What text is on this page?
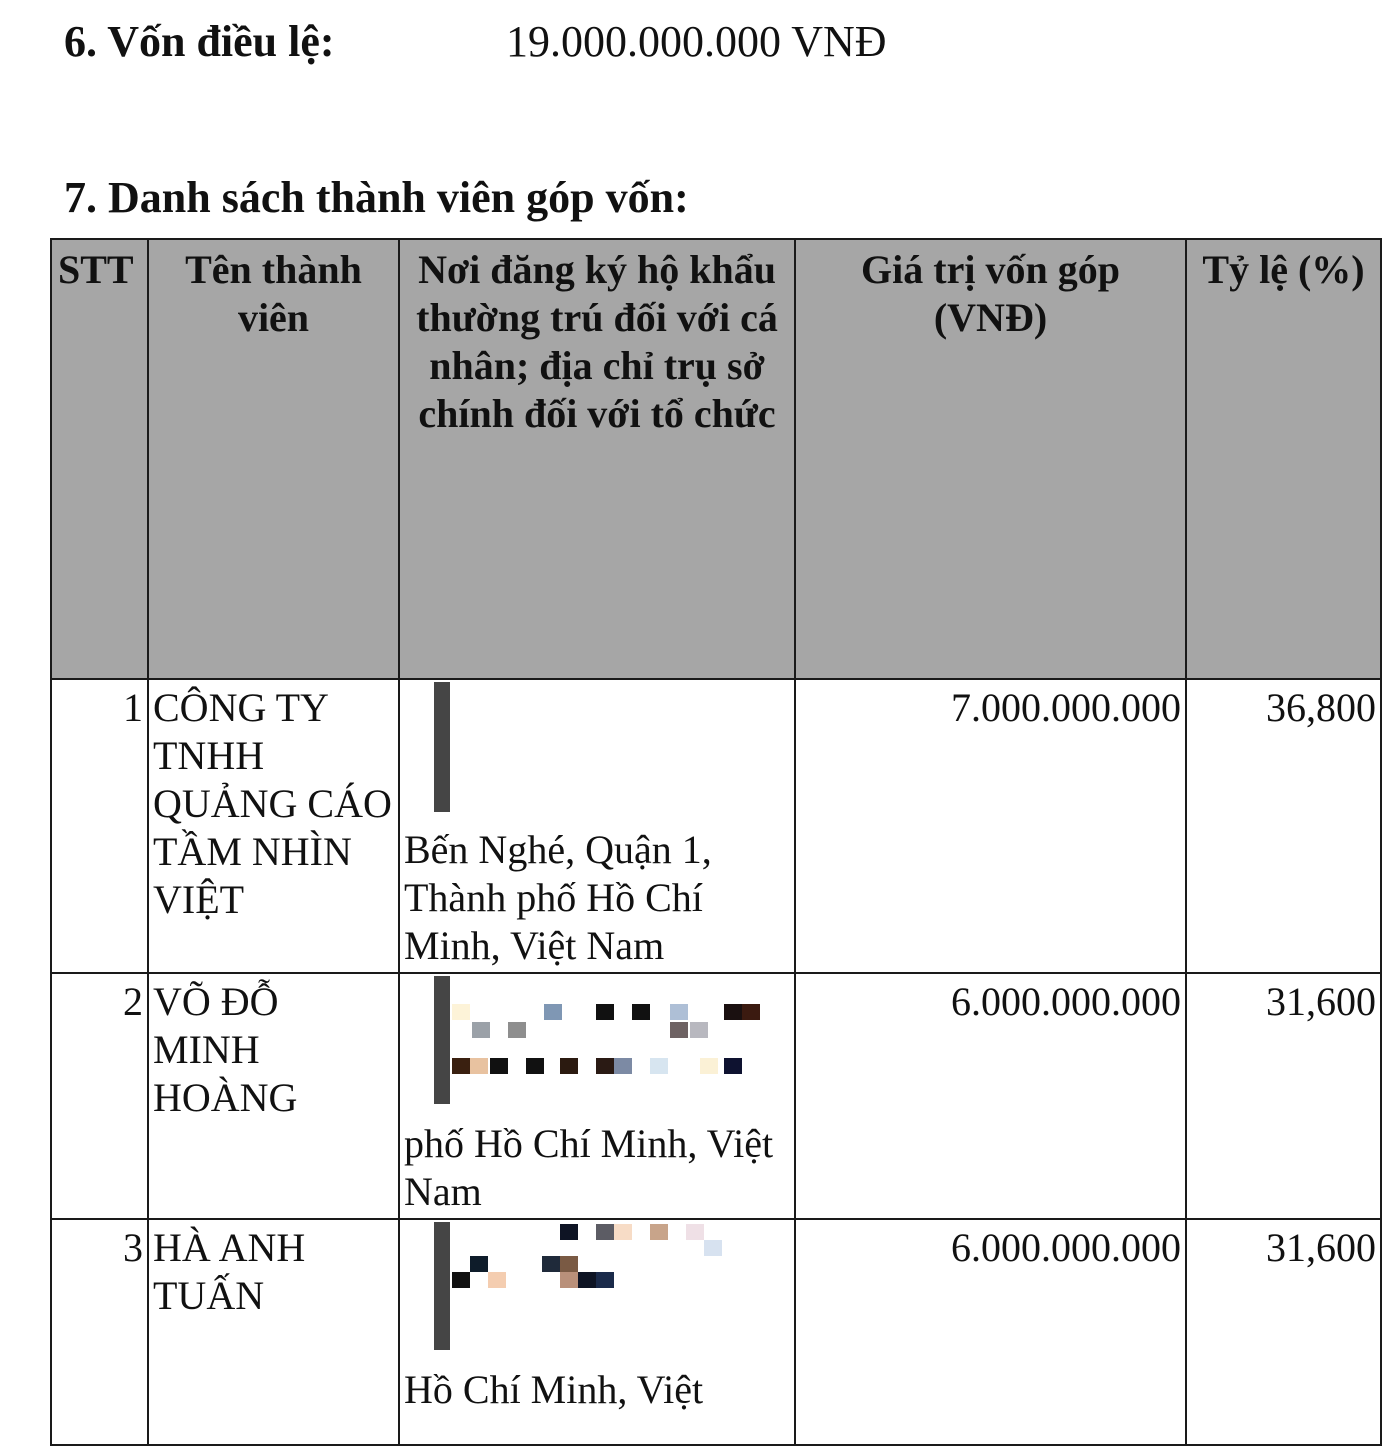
6. Vốn điều lệ:	19.000.000.000 VNĐ
7. Danh sách thành viên góp vốn:
STT	Tên thành viên	Nơi đăng ký hộ khẩu thường trú đối với cá nhân; địa chỉ trụ sở chính đối với tổ chức	Giá trị vốn góp (VNĐ)	Tỷ lệ (%)
1	CÔNG TY TNHH QUẢNG CÁO TẦM NHÌN VIỆT	Bến Nghé, Quận 1, Thành phố Hồ Chí Minh, Việt Nam	7.000.000.000	36,800
2	VÕ ĐỖ MINH HOÀNG	phố Hồ Chí Minh, Việt Nam	6.000.000.000	31,600
3	HÀ ANH TUẤN	Hồ Chí Minh, Việt	6.000.000.000	31,600
